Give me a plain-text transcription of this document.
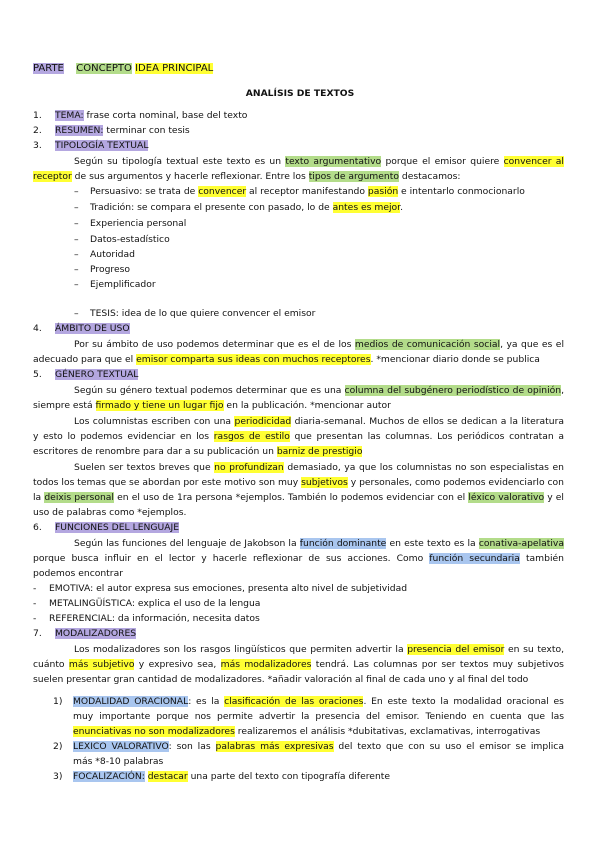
PARTE CONCEPTO IDEA PRINCIPAL
ANALÍSIS DE TEXTOS
1. TEMA: frase corta nominal, base del texto
2. RESUMEN: terminar con tesis
3. TIPOLOGÍA TEXTUAL
Según su tipología textual este texto es un texto argumentativo porque el emisor quiere convencer al
receptor de sus argumentos y hacerle reflexionar. Entre los tipos de argumento destacamos:
– Persuasivo: se trata de convencer al receptor manifestando pasión e intentarlo conmocionarlo
– Tradición: se compara el presente con pasado, lo de antes es mejor.
– Experiencia personal
– Datos-estadístico
– Autoridad
– Progreso
– Ejemplificador
– TESIS: idea de lo que quiere convencer el emisor
4. ÁMBITO DE USO
Por su ámbito de uso podemos determinar que es el de los medios de comunicación social, ya que es el
adecuado para que el emisor comparta sus ideas con muchos receptores. *mencionar diario donde se publica
5. GÉNERO TEXTUAL
Según su género textual podemos determinar que es una columna del subgénero periodístico de opinión,
siempre está firmado y tiene un lugar fijo en la publicación. *mencionar autor
Los columnistas escriben con una periodicidad diaria-semanal. Muchos de ellos se dedican a la literatura
y esto lo podemos evidenciar en los rasgos de estilo que presentan las columnas. Los periódicos contratan a
escritores de renombre para dar a su publicación un barniz de prestigio
Suelen ser textos breves que no profundizan demasiado, ya que los columnistas no son especialistas en
todos los temas que se abordan por este motivo son muy subjetivos y personales, como podemos evidenciarlo con
la deixis personal en el uso de 1ra persona *ejemplos. También lo podemos evidenciar con el léxico valorativo y el
uso de palabras como *ejemplos.
6. FUNCIONES DEL LENGUAJE
Según las funciones del lenguaje de Jakobson la función dominante en este texto es la conativa-apelativa
porque busca influir en el lector y hacerle reflexionar de sus acciones. Como función secundaria también
podemos encontrar
- EMOTIVA: el autor expresa sus emociones, presenta alto nivel de subjetividad
- METALINGÜÍSTICA: explica el uso de la lengua
- REFERENCIAL: da información, necesita datos
7. MODALIZADORES
Los modalizadores son los rasgos lingüísticos que permiten advertir la presencia del emisor en su texto,
cuánto más subjetivo y expresivo sea, más modalizadores tendrá. Las columnas por ser textos muy subjetivos
suelen presentar gran cantidad de modalizadores. *añadir valoración al final de cada uno y al final del todo
1) MODALIDAD ORACIONAL: es la clasificación de las oraciones. En este texto la modalidad oracional es
muy importante porque nos permite advertir la presencia del emisor. Teniendo en cuenta que las
enunciativas no son modalizadores realizaremos el análisis *dubitativas, exclamativas, interrogativas
2) LEXICO VALORATIVO: son las palabras más expresivas del texto que con su uso el emisor se implica
más *8-10 palabras
3) FOCALIZACIÓN: destacar una parte del texto con tipografía diferente
